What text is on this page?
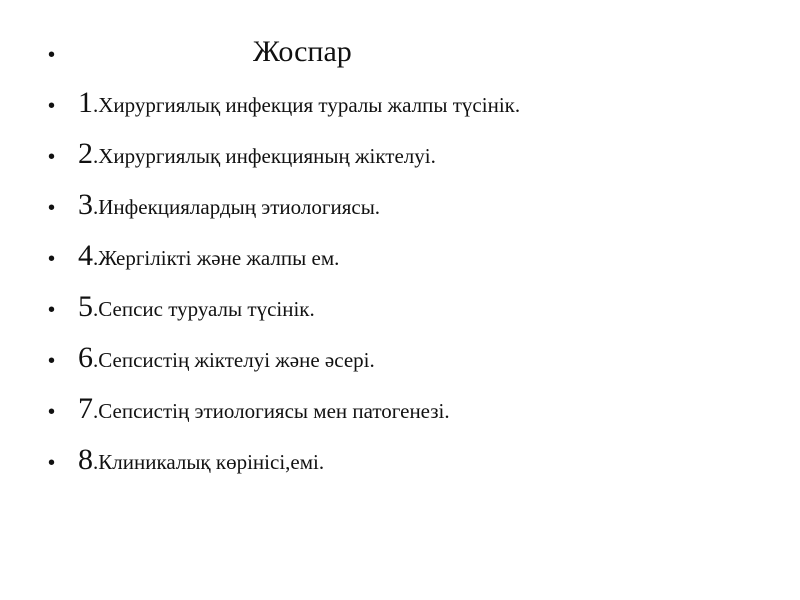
•	Жоспар
• 1 .Хирургиялық инфекция туралы жалпы түсінік.
• 2 .Хирургиялық инфекцияның жіктелуі.
• 3 .Инфекциялардың этиологиясы.
• 4 .Жергілікті және жалпы ем.
• 5 .Сепсис туруалы түсінік.
• 6 .Сепсистің жіктелуі және әсері.
• 7 .Сепсистің этиологиясы мен патогенезі.
• 8 .Клиникалық көрінісі,емі.
